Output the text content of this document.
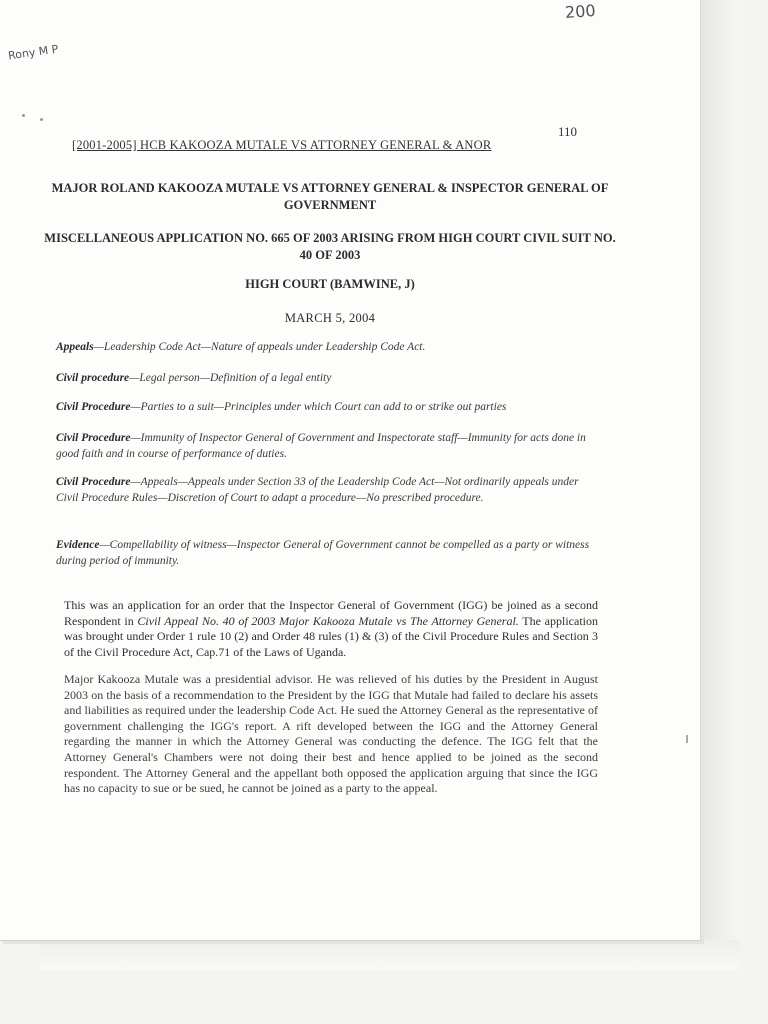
200
Rony M P
110
[2001-2005] HCB KAKOOZA MUTALE VS ATTORNEY GENERAL & ANOR
MAJOR ROLAND KAKOOZA MUTALE VS ATTORNEY GENERAL & INSPECTOR GENERAL OF GOVERNMENT
MISCELLANEOUS APPLICATION NO. 665 OF 2003 ARISING FROM HIGH COURT CIVIL SUIT NO. 40 OF 2003
HIGH COURT (BAMWINE, J)
MARCH 5, 2004
Appeals—Leadership Code Act—Nature of appeals under Leadership Code Act.
Civil procedure—Legal person—Definition of a legal entity
Civil Procedure—Parties to a suit—Principles under which Court can add to or strike out parties
Civil Procedure—Immunity of Inspector General of Government and Inspectorate staff—Immunity for acts done in good faith and in course of performance of duties.
Civil Procedure—Appeals—Appeals under Section 33 of the Leadership Code Act—Not ordinarily appeals under Civil Procedure Rules—Discretion of Court to adapt a procedure—No prescribed procedure.
Evidence—Compellability of witness—Inspector General of Government cannot be compelled as a party or witness during period of immunity.
This was an application for an order that the Inspector General of Government (IGG) be joined as a second Respondent in Civil Appeal No. 40 of 2003 Major Kakooza Mutale vs The Attorney General. The application was brought under Order 1 rule 10 (2) and Order 48 rules (1) & (3) of the Civil Procedure Rules and Section 3 of the Civil Procedure Act, Cap.71 of the Laws of Uganda.
Major Kakooza Mutale was a presidential advisor. He was relieved of his duties by the President in August 2003 on the basis of a recommendation to the President by the IGG that Mutale had failed to declare his assets and liabilities as required under the leadership Code Act. He sued the Attorney General as the representative of government challenging the IGG's report. A rift developed between the IGG and the Attorney General regarding the manner in which the Attorney General was conducting the defence. The IGG felt that the Attorney General's Chambers were not doing their best and hence applied to be joined as the second respondent. The Attorney General and the appellant both opposed the application arguing that since the IGG has no capacity to sue or be sued, he cannot be joined as a party to the appeal.
